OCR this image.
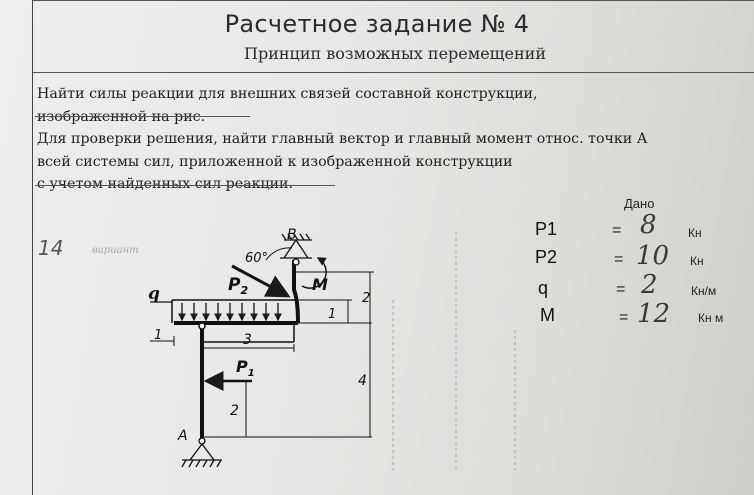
Расчетное задание № 4
Принцип возможных перемещений
Найти силы реакции для внешних связей составной конструкции,
изображенной на рис.
Для проверки решения, найти главный вектор и главный момент относ. точки А
всей системы сил, приложенной к изображенной конструкции
с учетом найденных сил реакции.
Дано
P1	= 8	Кн
P2	= 10 Кн
q	= 2	Кн/м
M	= 12 Кн м
14	вариант
q
B
60°
$P_2$	M
$P_1$
A
1	3
2
4
1
2
